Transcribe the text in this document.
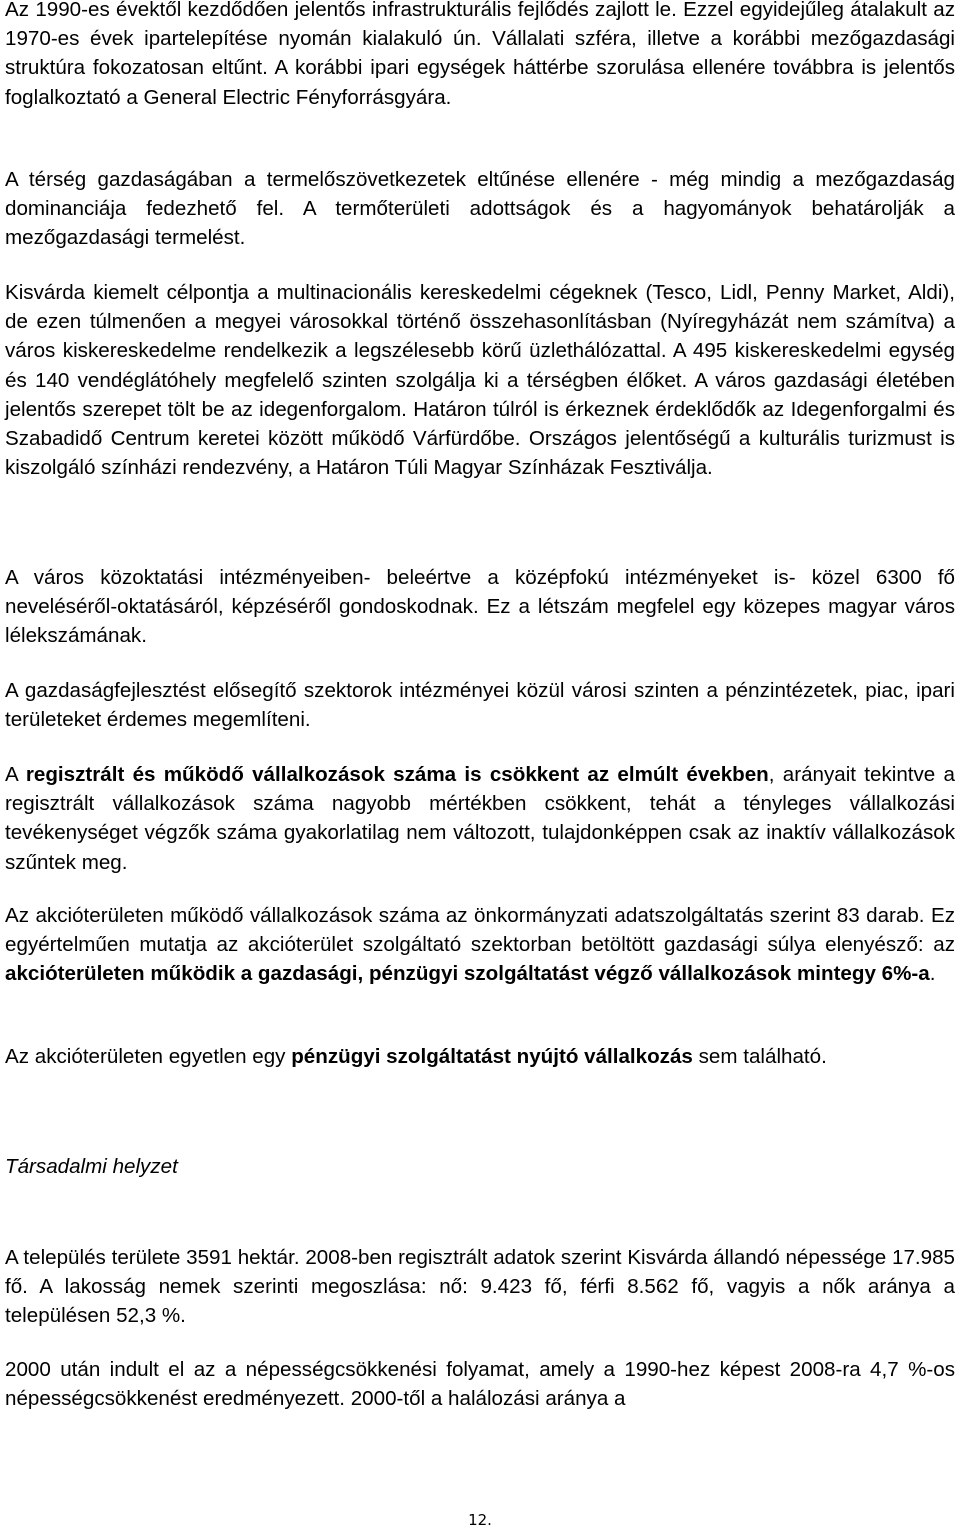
Az 1990-es évektől kezdődően jelentős infrastrukturális fejlődés zajlott le. Ezzel egyidejűleg átalakult az 1970-es évek ipartelepítése nyomán kialakuló ún. Vállalati szféra, illetve a korábbi mezőgazdasági struktúra fokozatosan eltűnt. A korábbi ipari egységek háttérbe szorulása ellenére továbbra is jelentős foglalkoztató a General Electric Fényforrásgyára.

A térség gazdaságában a termelőszövetkezetek eltűnése ellenére - még mindig a mezőgazdaság dominanciája fedezhető fel. A termőterületi adottságok és a hagyományok behatárolják a mezőgazdasági termelést.

Kisvárda kiemelt célpontja a multinacionális kereskedelmi cégeknek (Tesco, Lidl, Penny Market, Aldi), de ezen túlmenően a megyei városokkal történő összehasonlításban (Nyíregyházát nem számítva) a város kiskereskedelme rendelkezik a legszélesebb körű üzlethálózattal. A 495 kiskereskedelmi egység és 140 vendéglátóhely megfelelő szinten szolgálja ki a térségben élőket. A város gazdasági életében jelentős szerepet tölt be az idegenforgalom. Határon túlról is érkeznek érdeklődők az Idegenforgalmi és Szabadidő Centrum keretei között működő Várfürdőbe. Országos jelentőségű a kulturális turizmust is kiszolgáló színházi rendezvény, a Határon Túli Magyar Színházak Fesztiválja.

A város közoktatási intézményeiben- beleértve a középfokú intézményeket is- közel 6300 fő neveléséről-oktatásáról, képzéséről gondoskodnak. Ez a létszám megfelel egy közepes magyar város lélekszámának.

A gazdaságfejlesztést elősegítő szektorok intézményei közül városi szinten a pénzintézetek, piac, ipari területeket érdemes megemlíteni.

A regisztrált és működő vállalkozások száma is csökkent az elmúlt években, arányait tekintve a regisztrált vállalkozások száma nagyobb mértékben csökkent, tehát a tényleges vállalkozási tevékenységet végzők száma gyakorlatilag nem változott, tulajdonképpen csak az inaktív vállalkozások szűntek meg.

Az akcióterületen működő vállalkozások száma az önkormányzati adatszolgáltatás szerint 83 darab. Ez egyértelműen mutatja az akcióterület szolgáltató szektorban betöltött gazdasági súlya elenyésző: az akcióterületen működik a gazdasági, pénzügyi szolgáltatást végző vállalkozások mintegy 6%-a.

Az akcióterületen egyetlen egy pénzügyi szolgáltatást nyújtó vállalkozás sem található.

Társadalmi helyzet

A település területe 3591 hektár. 2008-ben regisztrált adatok szerint Kisvárda állandó népessége 17.985 fő. A lakosság nemek szerinti megoszlása: nő: 9.423 fő, férfi 8.562 fő, vagyis a nők aránya a településen 52,3 %.

2000 után indult el az a népességcsökkenési folyamat, amely a 1990-hez képest 2008-ra 4,7 %-os népességcsökkenést eredményezett. 2000-től a halálozási aránya a

12.
